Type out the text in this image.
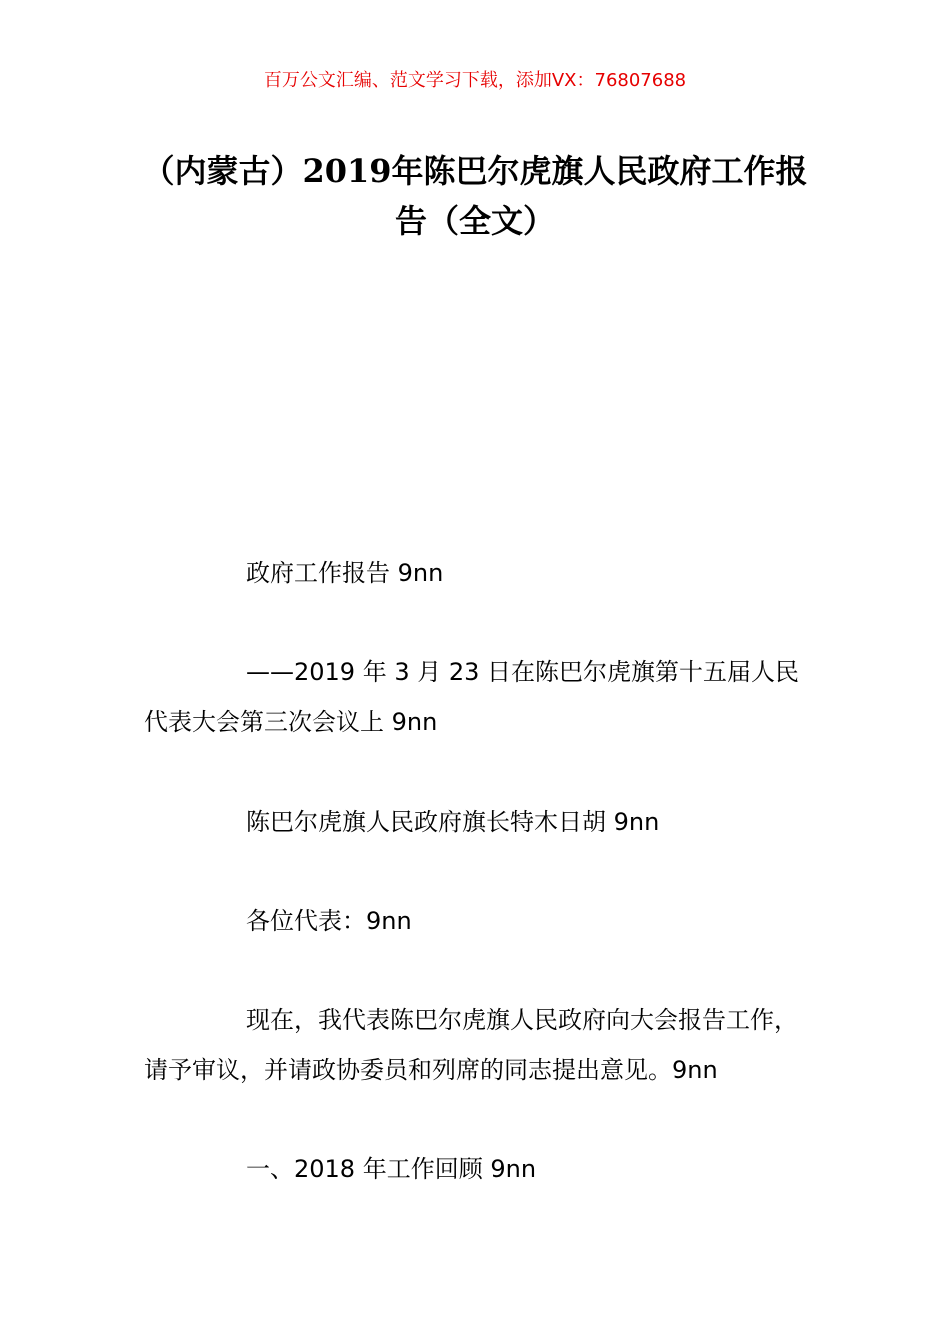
百万公文汇编、范文学习下载，添加VX：76807688
（内蒙古）2019年陈巴尔虎旗人民政府工作报告（全文）
政府工作报告 9nn
——2019 年 3 月 23 日在陈巴尔虎旗第十五届人民代表大会第三次会议上 9nn
陈巴尔虎旗人民政府旗长特木日胡 9nn
各位代表：9nn
现在，我代表陈巴尔虎旗人民政府向大会报告工作，请予审议，并请政协委员和列席的同志提出意见。9nn
一、2018 年工作回顾 9nn
